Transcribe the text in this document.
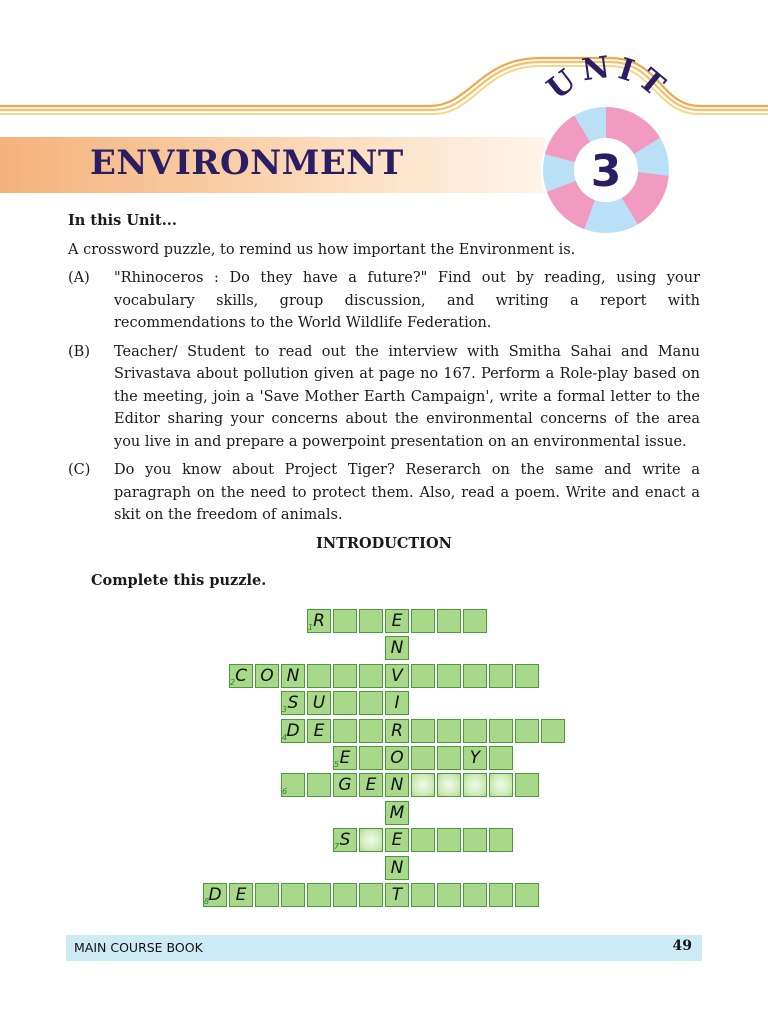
ENVIRONMENT
UNIT
3

In this Unit...

A crossword puzzle, to remind us how important the Environment is.

(A)	"Rhinoceros : Do they have a future?" Find out by reading, using your vocabulary skills, group discussion, and writing a report with recommendations to the World Wildlife Federation.
(B)	Teacher/ Student to read out the interview with Smitha Sahai and Manu Srivastava about pollution given at page no 167. Perform a Role-play based on the meeting, join a 'Save Mother Earth Campaign', write a formal letter to the Editor sharing your concerns about the environmental concerns of the area you live in and prepare a powerpoint presentation on an environmental issue.
(C)	Do you know about Project Tiger? Reserarch on the same and write a paragraph on the need to protect them. Also, read a poem. Write and enact a skit on the freedom of animals.

INTRODUCTION

Complete this puzzle.

R	E
1
N
C O N	V
2
S U	I
3
D E	R
4
E	O	Y
5
G E N
6
M
S	E
7
N
D E	T
8
MAIN COURSE BOOK	49
